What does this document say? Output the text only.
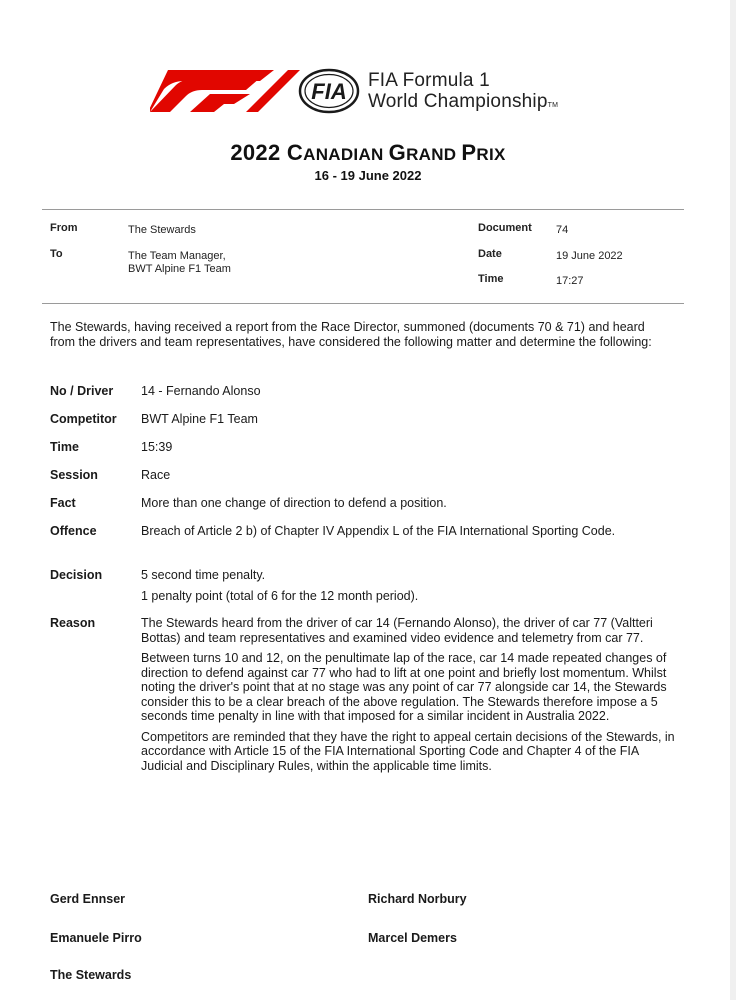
FIA FIA Formula 1
World ChampionshipTM
2022 CANADIAN GRAND PRIX
16 - 19 June 2022
From	The Stewards
To	The Team Manager,
BWT Alpine F1 Team
Document 74
Date	19 June 2022
Time	17:27
The Stewards, having received a report from the Race Director, summoned (documents 70 & 71) and heard from the drivers and team representatives, have considered the following matter and determine the following:
No / Driver 14 - Fernando Alonso
Competitor BWT Alpine F1 Team
Time	15:39
Session	Race
Fact	More than one change of direction to defend a position.
Offence	Breach of Article 2 b) of Chapter IV Appendix L of the FIA International Sporting Code.
Decision	5 second time penalty.

1 penalty point (total of 6 for the 12 month period).

Reason	The Stewards heard from the driver of car 14 (Fernando Alonso), the driver of car 77 (Valtteri Bottas) and team representatives and examined video evidence and telemetry from car 77.

Between turns 10 and 12, on the penultimate lap of the race, car 14 made repeated changes of direction to defend against car 77 who had to lift at one point and briefly lost momentum. Whilst noting the driver's point that at no stage was any point of car 77 alongside car 14, the Stewards consider this to be a clear breach of the above regulation. The Stewards therefore impose a 5 seconds time penalty in line with that imposed for a similar incident in Australia 2022.

Competitors are reminded that they have the right to appeal certain decisions of the Stewards, in accordance with Article 15 of the FIA International Sporting Code and Chapter 4 of the FIA Judicial and Disciplinary Rules, within the applicable time limits.

Gerd Ennser	Richard Norbury
Emanuele Pirro	Marcel Demers
The Stewards
